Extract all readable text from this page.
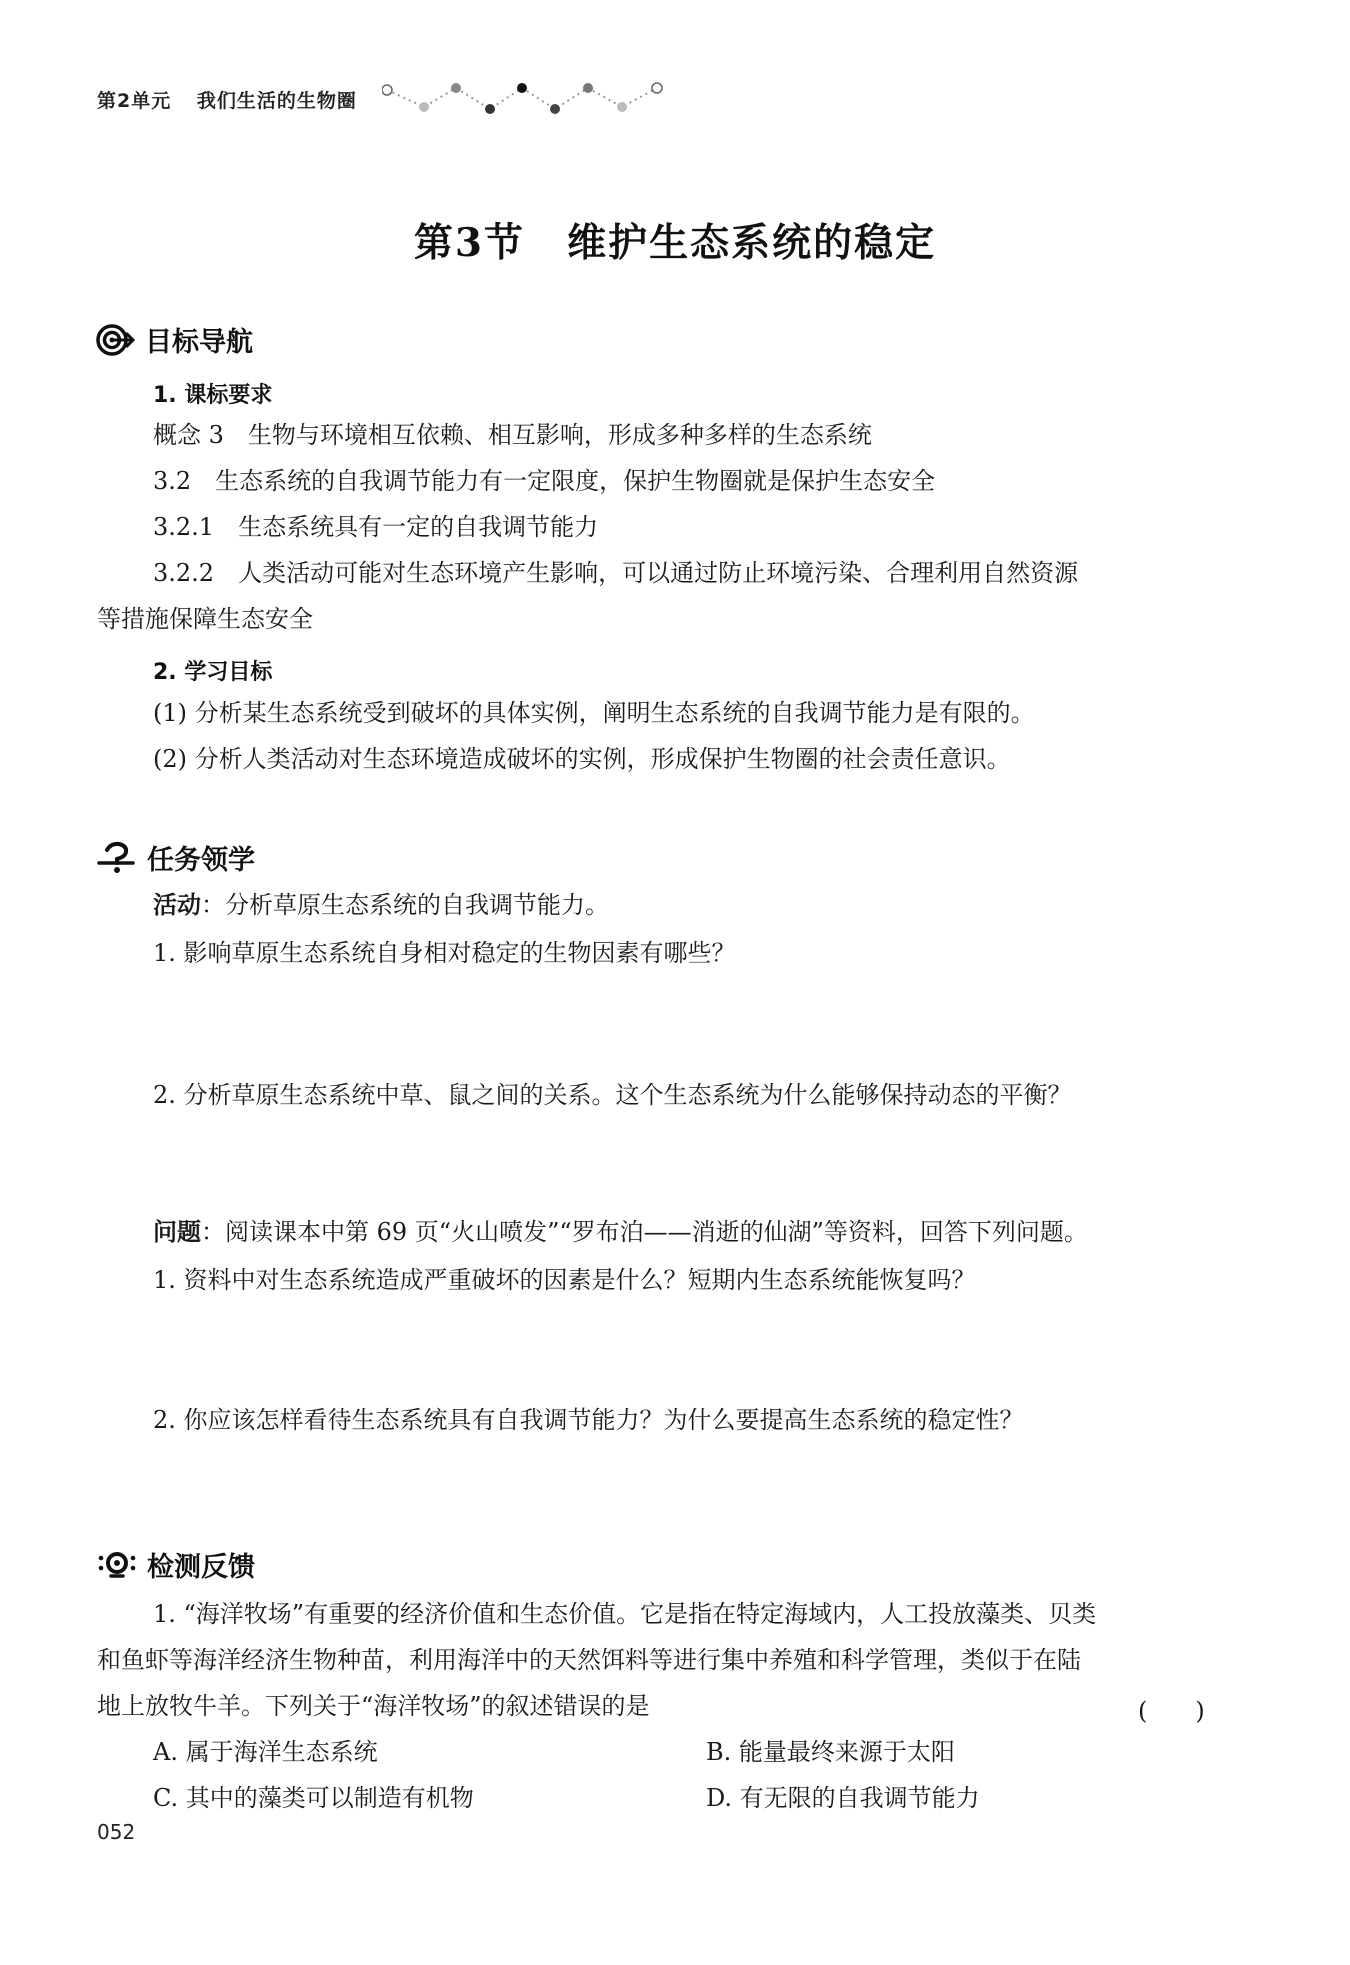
第2单元 我们生活的生物圈
第3节 维护生态系统的稳定
目标导航
1. 课标要求
概念 3　生物与环境相互依赖、相互影响，形成多种多样的生态系统
3.2　生态系统的自我调节能力有一定限度，保护生物圈就是保护生态安全
3.2.1　生态系统具有一定的自我调节能力
3.2.2　人类活动可能对生态环境产生影响，可以通过防止环境污染、合理利用自然资源
等措施保障生态安全
2. 学习目标
(1) 分析某生态系统受到破坏的具体实例，阐明生态系统的自我调节能力是有限的。
(2) 分析人类活动对生态环境造成破坏的实例，形成保护生物圈的社会责任意识。
任务领学
活动：分析草原生态系统的自我调节能力。
1. 影响草原生态系统自身相对稳定的生物因素有哪些？
2. 分析草原生态系统中草、鼠之间的关系。这个生态系统为什么能够保持动态的平衡？
问题：阅读课本中第 69 页“火山喷发”“罗布泊——消逝的仙湖”等资料，回答下列问题。
1. 资料中对生态系统造成严重破坏的因素是什么？短期内生态系统能恢复吗？
2. 你应该怎样看待生态系统具有自我调节能力？为什么要提高生态系统的稳定性？
检测反馈
1. “海洋牧场”有重要的经济价值和生态价值。它是指在特定海域内，人工投放藻类、贝类
和鱼虾等海洋经济生物种苗，利用海洋中的天然饵料等进行集中养殖和科学管理，类似于在陆
地上放牧牛羊。下列关于“海洋牧场”的叙述错误的是	(　　)
A. 属于海洋生态系统	B. 能量最终来源于太阳
C. 其中的藻类可以制造有机物	D. 有无限的自我调节能力
052
